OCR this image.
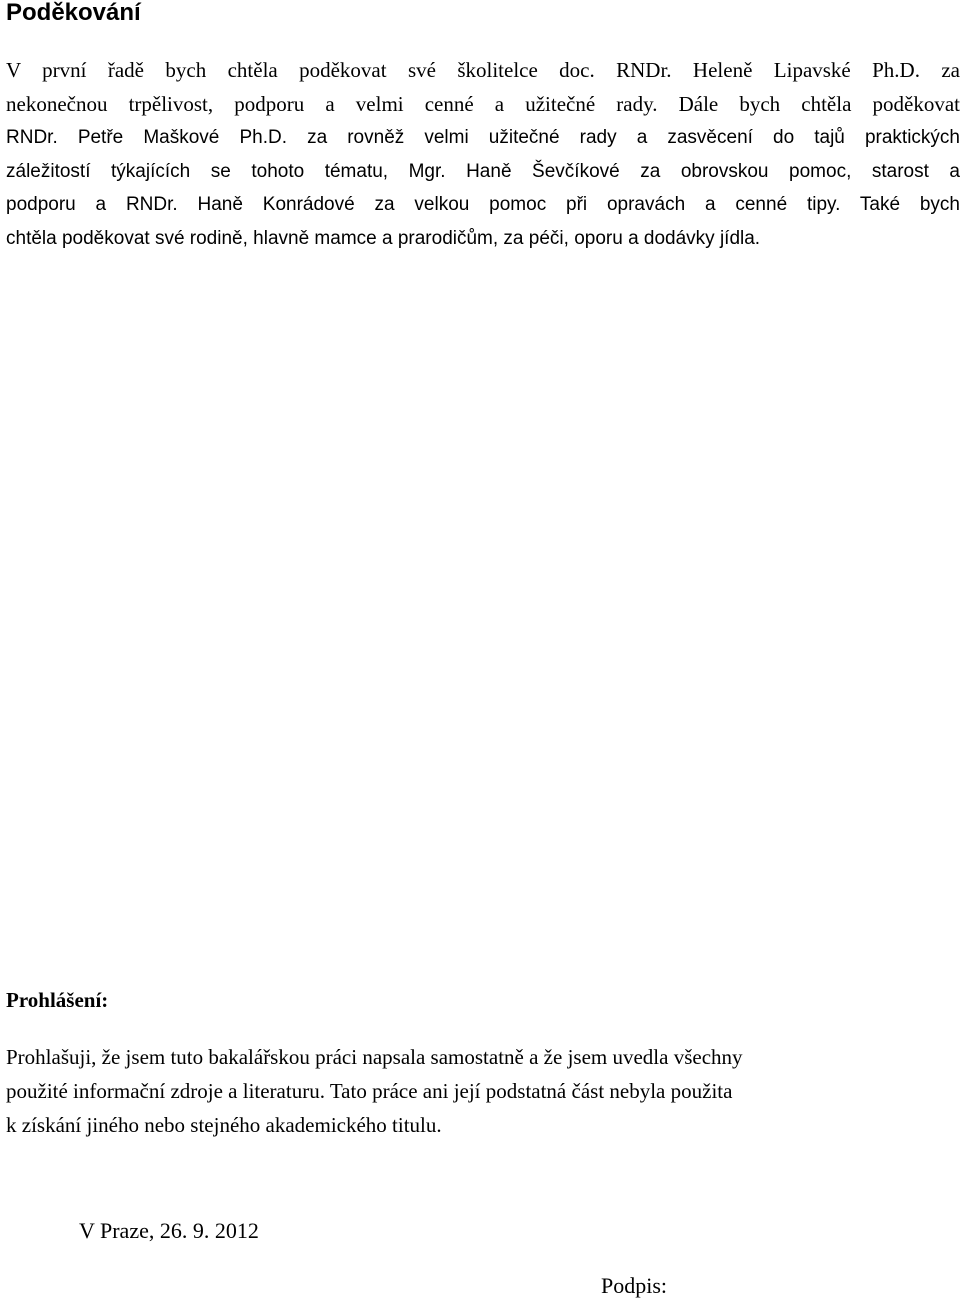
Poděkování
V první řadě bych chtěla poděkovat své školitelce doc. RNDr. Heleně Lipavské Ph.D. za
nekonečnou trpělivost, podporu a velmi cenné a užitečné rady. Dále bych chtěla poděkovat
RNDr. Petře Maškové Ph.D. za rovněž velmi užitečné rady a zasvěcení do tajů praktických
záležitostí týkajících se tohoto tématu, Mgr. Haně Ševčíkové za obrovskou pomoc, starost a
podporu a RNDr. Haně Konrádové za velkou pomoc při opravách a cenné tipy. Také bych
chtěla poděkovat své rodině, hlavně mamce a prarodičům, za péči, oporu a dodávky jídla.
Prohlášení:
Prohlašuji, že jsem tuto bakalářskou práci napsala samostatně a že jsem uvedla všechny
použité informační zdroje a literaturu. Tato práce ani její podstatná část nebyla použita
k získání jiného nebo stejného akademického titulu.

V Praze, 26. 9. 2012

Podpis:
